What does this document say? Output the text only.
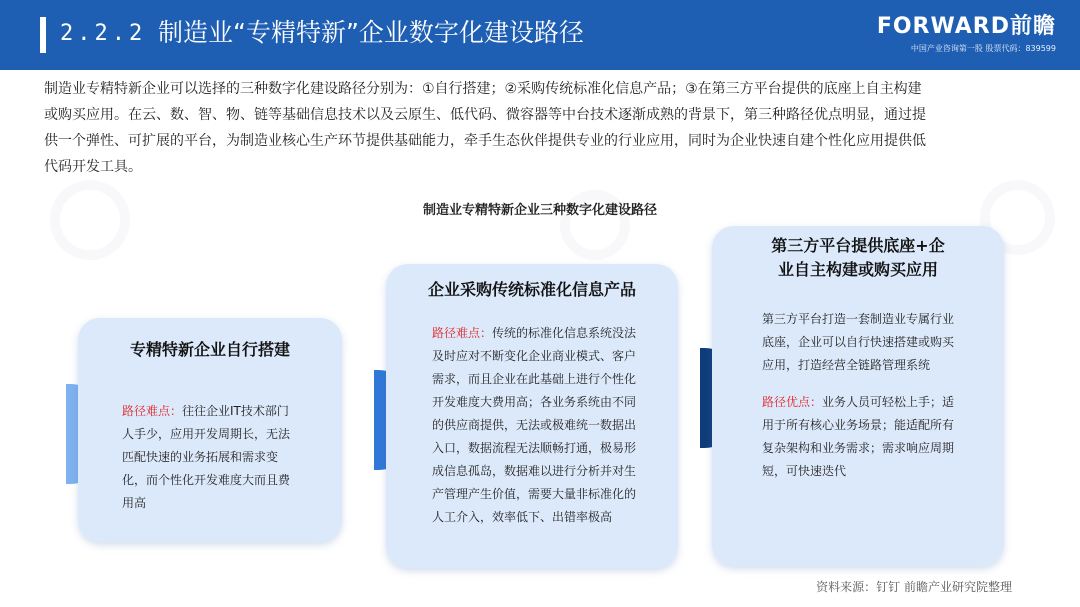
2.2.2 制造业“专精特新”企业数字化建设路径	FORWARD前瞻
中国产业咨询第一股 股票代码：839599
制造业专精特新企业可以选择的三种数字化建设路径分别为：①自行搭建；②采购传统标准化信息产品；③在第三方平台提供的底座上自主构建
或购买应用。在云、数、智、物、链等基础信息技术以及云原生、低代码、微容器等中台技术逐渐成熟的背景下，第三种路径优点明显，通过提
供一个弹性、可扩展的平台，为制造业核心生产环节提供基础能力，牵手生态伙伴提供专业的行业应用，同时为企业快速自建个性化应用提供低
代码开发工具。
制造业专精特新企业三种数字化建设路径
专精特新企业自行搭建
路径难点：往往企业IT技术部门
人手少，应用开发周期长，无法
匹配快速的业务拓展和需求变
化，而个性化开发难度大而且费
用高
企业采购传统标准化信息产品
路径难点：传统的标准化信息系统没法
及时应对不断变化企业商业模式、客户
需求，而且企业在此基础上进行个性化
开发难度大费用高；各业务系统由不同
的供应商提供，无法或极难统一数据出
入口，数据流程无法顺畅打通，极易形
成信息孤岛，数据难以进行分析并对生
产管理产生价值，需要大量非标准化的
人工介入，效率低下、出错率极高
第三方平台提供底座+企
业自主构建或购买应用
第三方平台打造一套制造业专属行业
底座，企业可以自行快速搭建或购买
应用，打造经营全链路管理系统
路径优点：业务人员可轻松上手；适
用于所有核心业务场景；能适配所有
复杂架构和业务需求；需求响应周期
短，可快速迭代
资料来源：钉钉 前瞻产业研究院整理
